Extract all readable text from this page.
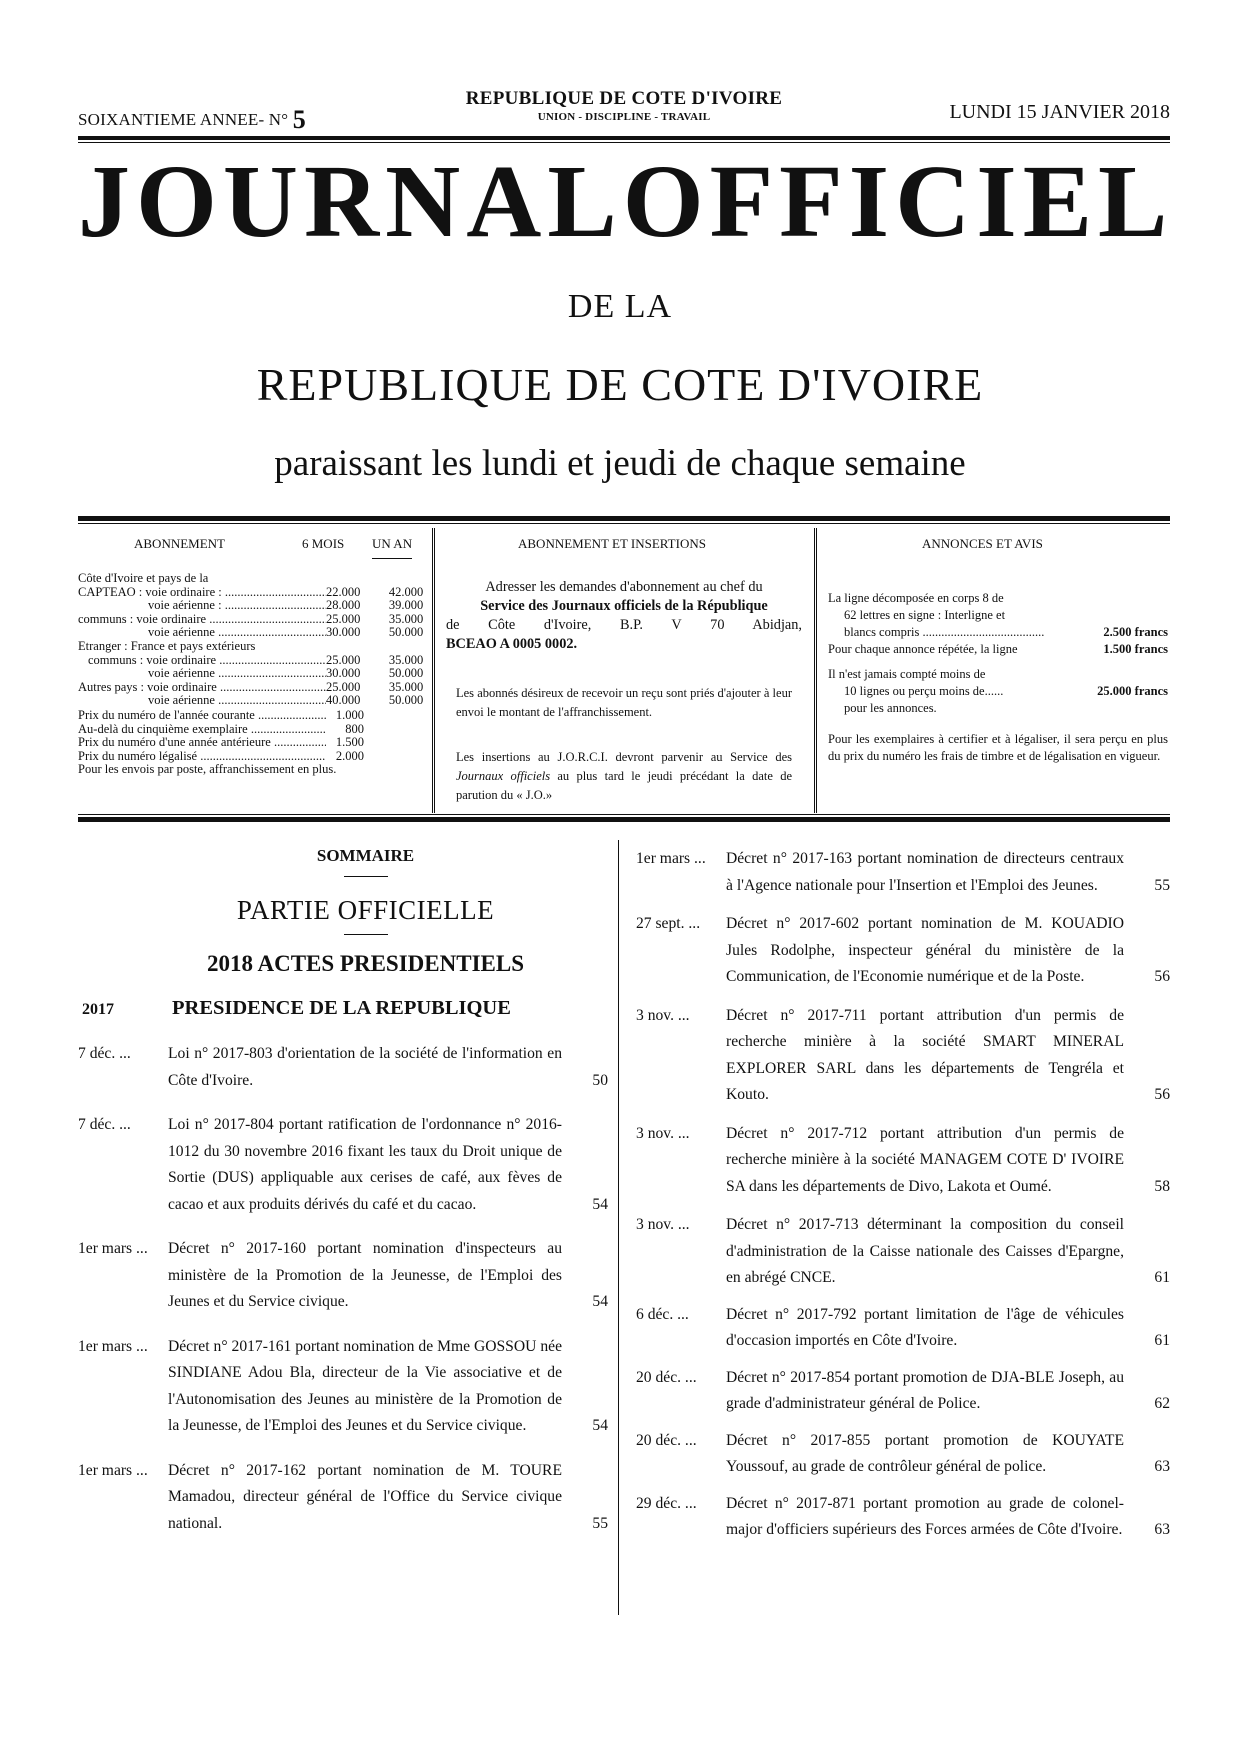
SOIXANTIEME ANNEE- N° 5
REPUBLIQUE DE COTE D'IVOIRE
UNION - DISCIPLINE - TRAVAIL	LUNDI 15 JANVIER 2018
JOURNAL OFFICIEL
DE LA
REPUBLIQUE DE COTE D'IVOIRE
paraissant les lundi et jeudi de chaque semaine
ABONNEMENT	6 MOIS UN AN
Côte d'Ivoire et pays de la
CAPTEAO : voie ordinaire : .....	22.000	42.000
voie aérienne : .....	28.000	39.000
communs : voie ordinaire .....	25.000	35.000
voie aérienne .....	30.000	50.000
Etranger : France et pays extérieurs
communs : voie ordinaire .....	25.000	35.000
voie aérienne .....	30.000	50.000
Autres pays : voie ordinaire .....	25.000	35.000
voie aérienne .....	40.000	50.000
Prix du numéro de l'année courante .....	1.000
Au-delà du cinquième exemplaire .....	800
Prix du numéro d'une année antérieure .....	1.500
Prix du numéro légalisé .....	2.000
Pour les envois par poste, affranchissement en plus.
ABONNEMENT ET INSERTIONS
Adresser les demandes d'abonnement au chef du
Service des Journaux officiels de la République
de Côte d'Ivoire, B.P. V 70 Abidjan,
BCEAO A 0005 0002.
Les abonnés désireux de recevoir un reçu sont priés d'ajouter à leur envoi le montant de l'affranchissement.
Les insertions au J.O.R.C.I. devront parvenir au Service des Journaux officiels au plus tard le jeudi précédant la date de parution du « J.O.»
ANNONCES ET AVIS
La ligne décomposée en corps 8 de
62 lettres en signe : Interligne et
blancs compris .....	2.500 francs
Pour chaque annonce répétée, la ligne	1.500 francs
Il n'est jamais compté moins de
10 lignes ou perçu moins de ......	25.000 francs
pour les annonces.
Pour les exemplaires à certifier et à légaliser, il sera perçu en plus du prix du numéro les frais de timbre et de légalisation en vigueur.
SOMMAIRE
PARTIE OFFICIELLE
2018 ACTES PRESIDENTIELS
2017	PRESIDENCE DE LA REPUBLIQUE
7 déc. ... Loi n° 2017-803 d'orientation de la société de l'information en Côte d'Ivoire.	50
7 déc. ... Loi n° 2017-804 portant ratification de l'ordonnance n° 2016-1012 du 30 novembre 2016 fixant les taux du Droit unique de Sortie (DUS) appliquable aux cerises de café, aux fèves de cacao et aux produits dérivés du café et du cacao.	54
1er mars ... Décret n° 2017-160 portant nomination d'inspecteurs au ministère de la Promotion de la Jeunesse, de l'Emploi des Jeunes et du Service civique.	54
1er mars ... Décret n° 2017-161 portant nomination de Mme GOSSOU née SINDIANE Adou Bla, directeur de la Vie associative et de l'Autonomisation des Jeunes au ministère de la Promotion de la Jeunesse, de l'Emploi des Jeunes et du Service civique.	54
1er mars ... Décret n° 2017-162 portant nomination de M. TOURE Mamadou, directeur général de l'Office du Service civique national.	55
1er mars ... Décret n° 2017-163 portant nomination de directeurs centraux à l'Agence nationale pour l'Insertion et l'Emploi des Jeunes.	55
27 sept. ... Décret n° 2017-602 portant nomination de M. KOUADIO Jules Rodolphe, inspecteur général du ministère de la Communication, de l'Economie numérique et de la Poste.	56
3 nov. ... Décret n° 2017-711 portant attribution d'un permis de recherche minière à la société SMART MINERAL EXPLORER SARL dans les départements de Tengréla et Kouto.	56
3 nov. ... Décret n° 2017-712 portant attribution d'un permis de recherche minière à la société MANAGEM COTE D' IVOIRE SA dans les départements de Divo, Lakota et Oumé.	58
3 nov. ... Décret n° 2017-713 déterminant la composition du conseil d'administration de la Caisse nationale des Caisses d'Epargne, en abrégé CNCE.	61
6 déc. ... Décret n° 2017-792 portant limitation de l'âge de véhicules d'occasion importés en Côte d'Ivoire.	61
20 déc. ... Décret n° 2017-854 portant promotion de DJA-BLE Joseph, au grade d'administrateur général de Police.	62
20 déc. ... Décret n° 2017-855 portant promotion de KOUYATE Youssouf, au grade de contrôleur général de police.	63
29 déc. ... Décret n° 2017-871 portant promotion au grade de colonel-major d'officiers supérieurs des Forces armées de Côte d'Ivoire. 63
